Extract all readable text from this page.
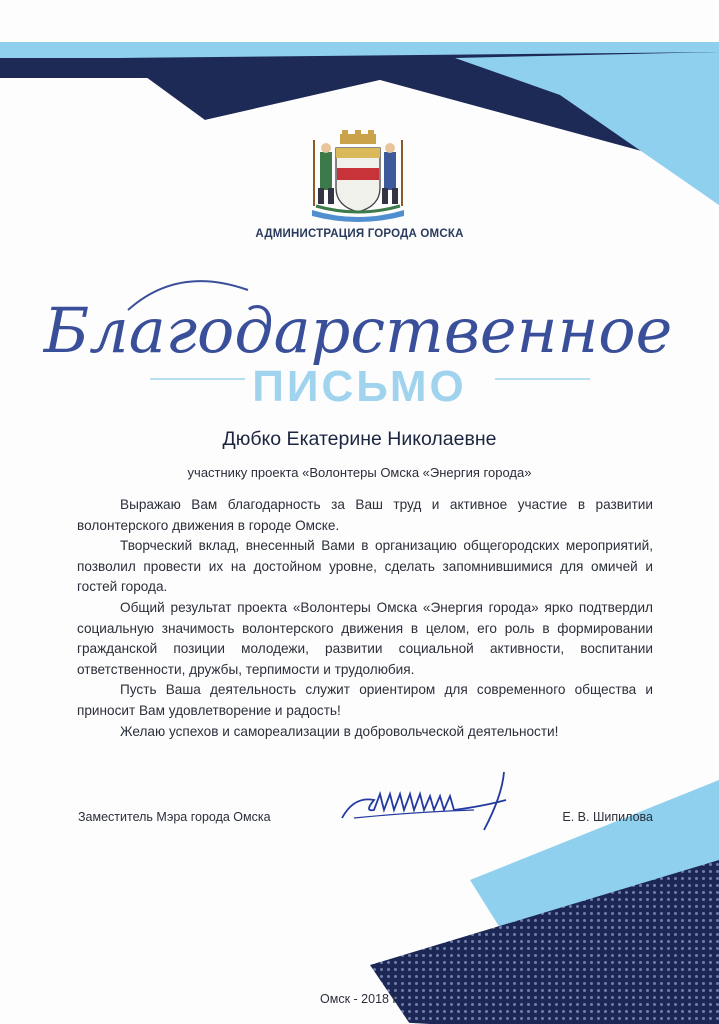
АДМИНИСТРАЦИЯ ГОРОДА ОМСКА
Благодарственное
ПИСЬМО
Дюбко Екатерине Николаевне
участнику проекта «Волонтеры Омска «Энергия города»

Выражаю Вам благодарность за Ваш труд и активное участие в развитии волонтерского движения в городе Омске.

Творческий вклад, внесенный Вами в организацию общегородских мероприятий, позволил провести их на достойном уровне, сделать запомнившимися для омичей и гостей города.

Общий результат проекта «Волонтеры Омска «Энергия города» ярко подтвердил социальную значимость волонтерского движения в целом, его роль в формировании гражданской позиции молодежи, развитии социальной активности, воспитании ответственности, дружбы, терпимости и трудолюбия.

Пусть Ваша деятельность служит ориентиром для современного общества и приносит Вам удовлетворение и радость!

Желаю успехов и самореализации в добровольческой деятельности!

Заместитель Мэра города Омска	Е. В. Шипилова
Омск - 2018 г.
